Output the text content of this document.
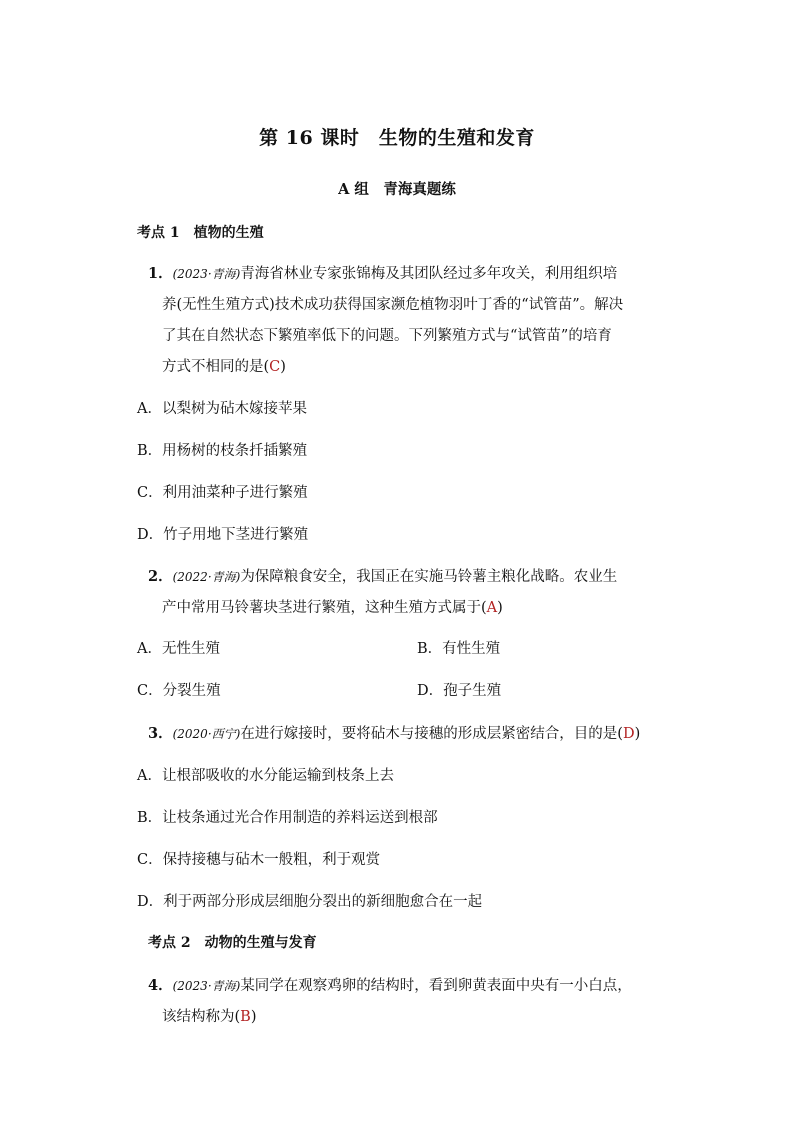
第 16 课时　生物的生殖和发育
A 组　青海真题练
考点 1　植物的生殖
1．(2023·青海)青海省林业专家张锦梅及其团队经过多年攻关，利用组织培
养(无性生殖方式)技术成功获得国家濒危植物羽叶丁香的“试管苗”。解决
了其在自然状态下繁殖率低下的问题。下列繁殖方式与“试管苗”的培育
方式不相同的是(C)
A．以梨树为砧木嫁接苹果
B．用杨树的枝条扦插繁殖
C．利用油菜种子进行繁殖
D．竹子用地下茎进行繁殖
2．(2022·青海)为保障粮食安全，我国正在实施马铃薯主粮化战略。农业生
产中常用马铃薯块茎进行繁殖，这种生殖方式属于(A)
A．无性生殖	B．有性生殖
C．分裂生殖	D．孢子生殖
3．(2020·西宁)在进行嫁接时，要将砧木与接穗的形成层紧密结合，目的是(D)
A．让根部吸收的水分能运输到枝条上去
B．让枝条通过光合作用制造的养料运送到根部
C．保持接穗与砧木一般粗，利于观赏
D．利于两部分形成层细胞分裂出的新细胞愈合在一起
考点 2　动物的生殖与发育
4．(2023·青海)某同学在观察鸡卵的结构时，看到卵黄表面中央有一小白点，
该结构称为(B)
